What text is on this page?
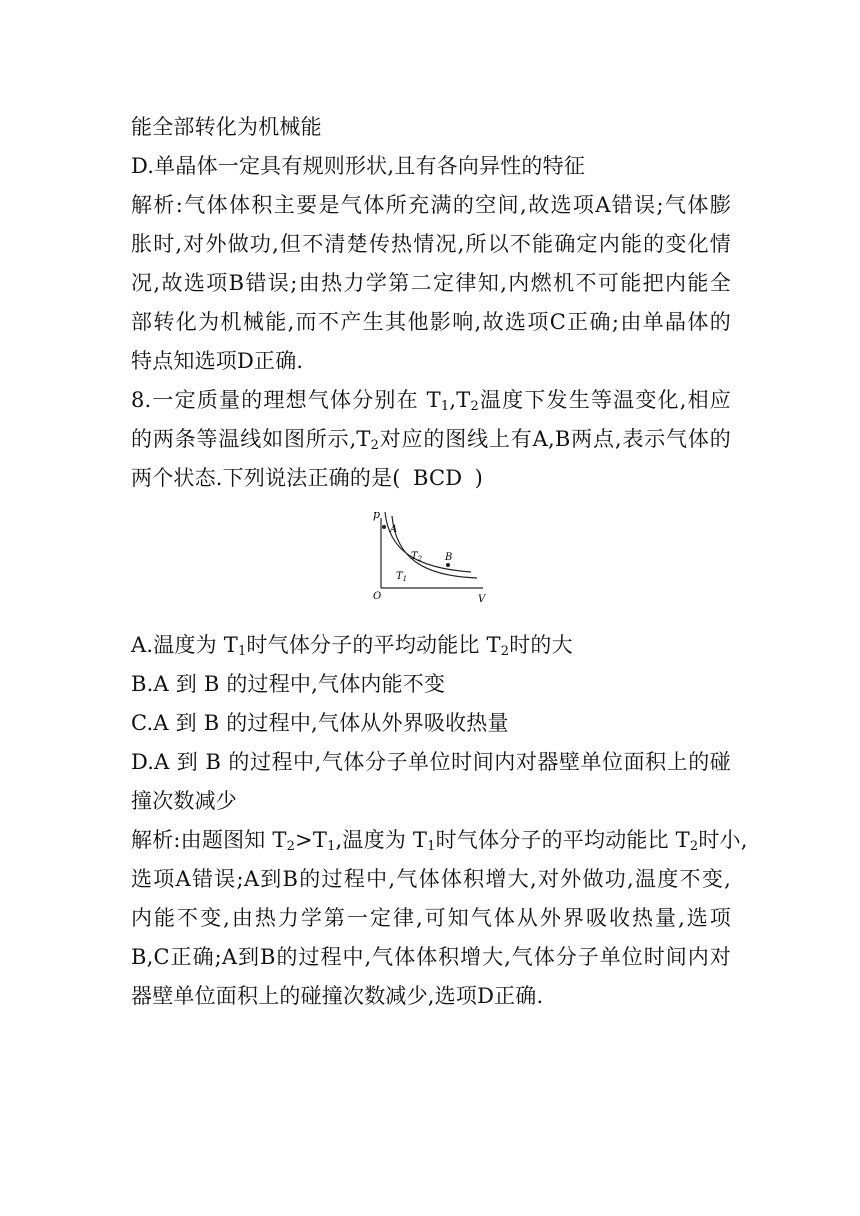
能全部转化为机械能
D.单晶体一定具有规则形状,且有各向异性的特征
解析:气体体积主要是气体所充满的空间,故选项A错误;气体膨
胀时,对外做功,但不清楚传热情况,所以不能确定内能的变化情
况,故选项B错误;由热力学第二定律知,内燃机不可能把内能全
部转化为机械能,而不产生其他影响,故选项C正确;由单晶体的
特点知选项D正确.
8.一定质量的理想气体分别在 $T_1,T_2$温度下发生等温变化,相应
的两条等温线如图所示$,T_2$对应的图线上有A,B两点,表示气体的
两个状态.下列说法正确的是( BCD )
p
V
O
A
B
$T_2$
$T_1$
A.温度为 $T_1$时气体分子的平均动能比 $T_2$时的大
B.A 到 B 的过程中,气体内能不变
C.A 到 B 的过程中,气体从外界吸收热量
D.A 到 B 的过程中,气体分子单位时间内对器壁单位面积上的碰
撞次数减少
解析:由题图知 $T_2>T_1$,温度为 $T_1$时气体分子的平均动能比 $T_2$时小,
选项A错误;A到B的过程中,气体体积增大,对外做功,温度不变,
内能不变,由热力学第一定律,可知气体从外界吸收热量,选项
B,C正确;A到B的过程中,气体体积增大,气体分子单位时间内对
器壁单位面积上的碰撞次数减少,选项D正确.
